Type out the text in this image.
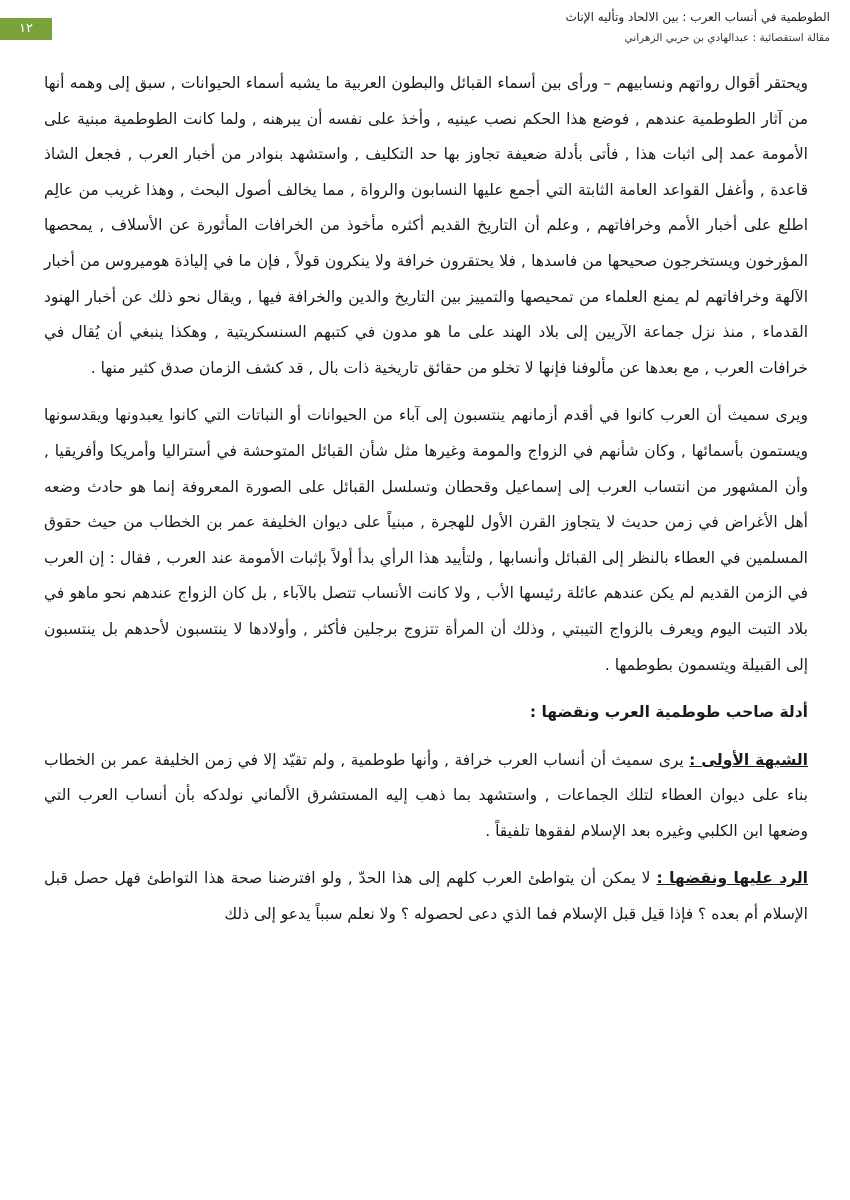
١٢
الطوطمية في أنساب العرب : بين الالحاد وتأليه الإناث
مقالة استقصائية : عبدالهادي بن حربي الزهراني

ويحتقر أقوال رواتهم ونسابيهم – ورأى بين أسماء القبائل والبطون العربية ما يشبه أسماء الحيوانات , سبق إلى وهمه أنها من آثار الطوطمية عندهم , فوضع هذا الحكم نصب عينيه , وأخذ على نفسه أن يبرهنه , ولما كانت الطوطمية مبنية على الأمومة عمد إلى اثبات هذا , فأتى بأدلة ضعيفة تجاوز بها حد التكليف , واستشهد بنوادر من أخبار العرب , فجعل الشاذ قاعدة , وأغفل القواعد العامة الثابتة التي أجمع عليها النسابون والرواة , مما يخالف أصول البحث , وهذا غريب من عالِم اطلع على أخبار الأمم وخرافاتهم , وعلم أن التاريخ القديم أكثره مأخوذ من الخرافات المأثورة عن الأسلاف , يمحصها المؤرخون ويستخرجون صحيحها من فاسدها , فلا يحتقرون خرافة ولا ينكرون قولاً , فإن ما في إلياذة هوميروس من أخبار الآلهة وخرافاتهم لم يمنع العلماء من تمحيصها والتمييز بين التاريخ والدين والخرافة فيها , ويقال نحو ذلك عن أخبار الهنود القدماء , منذ نزل جماعة الآريين إلى بلاد الهند على ما هو مدون في كتبهم السنسكريتية , وهكذا ينبغي أن يُقال في خرافات العرب , مع بعدها عن مألوفنا فإنها لا تخلو من حقائق تاريخية ذات بال , قد كشف الزمان صدق كثير منها .

ويرى سميث أن العرب كانوا في أقدم أزمانهم ينتسبون إلى آباء من الحيوانات أو النباتات التي كانوا يعبدونها ويقدسونها ويستمون بأسمائها , وكان شأنهم في الزواج والمومة وغيرها مثل شأن القبائل المتوحشة في أستراليا وأمريكا وأفريقيا , وأن المشهور من انتساب العرب إلى إسماعيل وقحطان وتسلسل القبائل على الصورة المعروفة إنما هو حادث وضعه أهل الأغراض في زمن حديث لا يتجاوز القرن الأول للهجرة , مبنياً على ديوان الخليفة عمر بن الخطاب من حيث حقوق المسلمين في العطاء بالنظر إلى القبائل وأنسابها , ولتأييد هذا الرأي بدأ أولاً بإثبات الأمومة عند العرب , فقال : إن العرب في الزمن القديم لم يكن عندهم عائلة رئيسها الأب , ولا كانت الأنساب تتصل بالآباء , بل كان الزواج عندهم نحو ماهو في بلاد التبت اليوم ويعرف بالزواج التيبتي , وذلك أن المرأة تتزوج برجلين فأكثر , وأولادها لا ينتسبون لأحدهم بل ينتسبون إلى القبيلة ويتسمون بطوطمها .

أدلة صاحب طوطمية العرب ونقضها :

الشبهة الأولى : يرى سميث أن أنساب العرب خرافة , وأنها طوطمية , ولم تقيّد إلا في زمن الخليفة عمر بن الخطاب بناء على ديوان العطاء لتلك الجماعات , واستشهد بما ذهب إليه المستشرق الألماني نولدكه بأن أنساب العرب التي وضعها ابن الكلبي وغيره بعد الإسلام لفقوها تلفيقاً .

الرد عليها ونقضها : لا يمكن أن يتواطئ العرب كلهم إلى هذا الحدّ , ولو افترضنا صحة هذا التواطئ فهل حصل قبل الإسلام أم بعده ؟ فإذا قيل قبل الإسلام فما الذي دعى لحصوله ؟ ولا نعلم سبباً يدعو إلى ذلك
